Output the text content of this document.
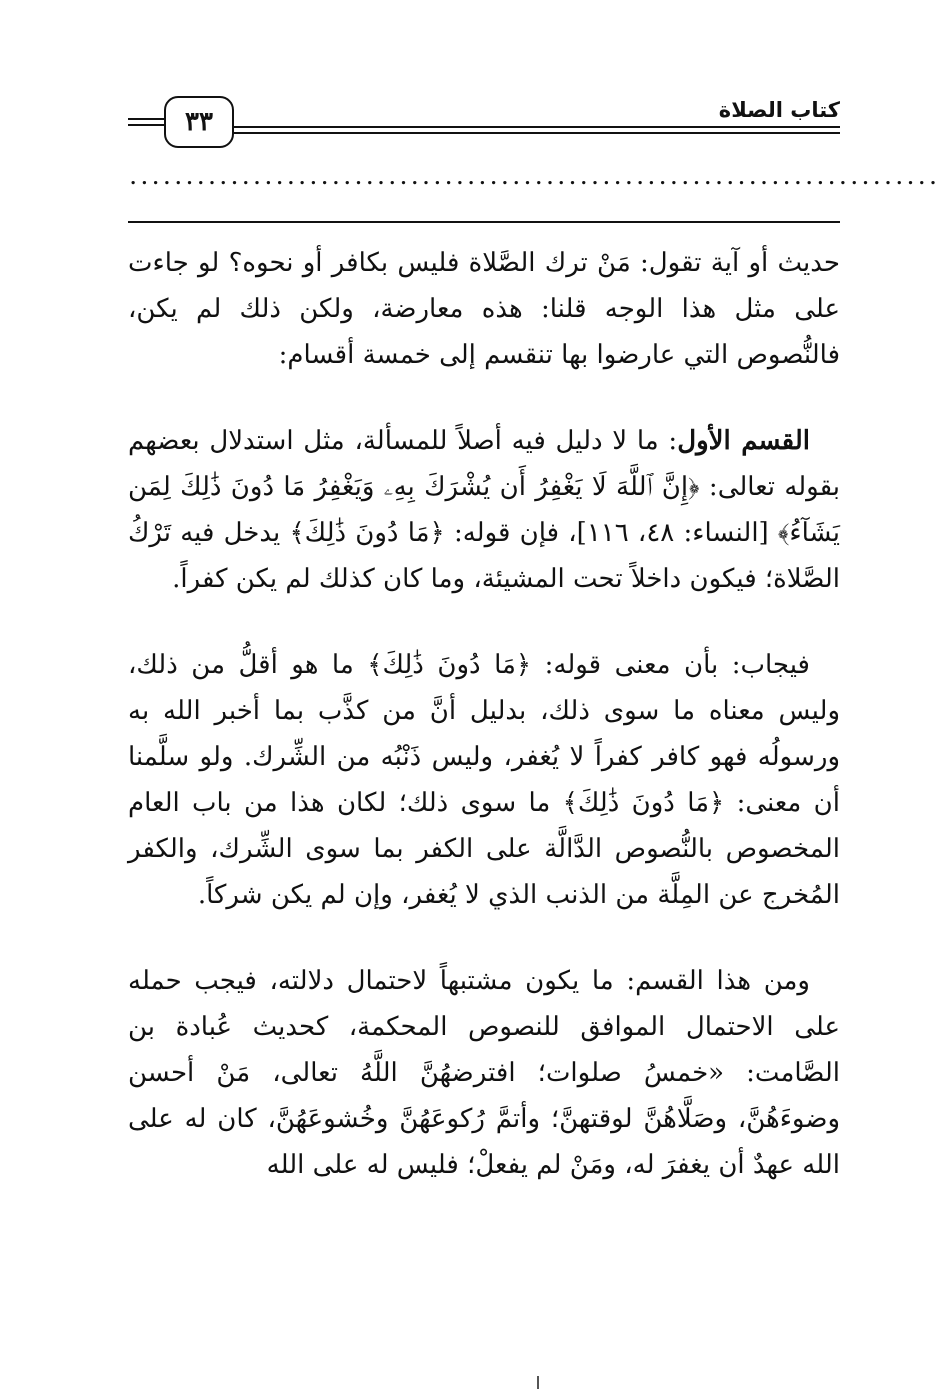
٣٣	كتاب الصلاة
........................................................................

حديث أو آية تقول: مَنْ ترك الصَّلاة فليس بكافر أو نحوه؟ لو جاءت على مثل هذا الوجه قلنا: هذه معارضة، ولكن ذلك لم يكن، فالنُّصوص التي عارضوا بها تنقسم إلى خمسة أقسام:

القسم الأول: ما لا دليل فيه أصلاً للمسألة، مثل استدلال بعضهم بقوله تعالى: ﴿إِنَّ ٱللَّهَ لَا يَغْفِرُ أَن يُشْرَكَ بِهِۦ وَيَغْفِرُ مَا دُونَ ذَٰلِكَ لِمَن يَشَآءُ﴾ [النساء: ٤٨، ١١٦]، فإن قوله: ﴿مَا دُونَ ذَٰلِكَ﴾ يدخل فيه تَرْكُ الصَّلاة؛ فيكون داخلاً تحت المشيئة، وما كان كذلك لم يكن كفراً.

فيجاب: بأن معنى قوله: ﴿مَا دُونَ ذَٰلِكَ﴾ ما هو أقلُّ من ذلك، وليس معناه ما سوى ذلك، بدليل أنَّ من كذَّب بما أخبر الله به ورسولُه فهو كافر كفراً لا يُغفر، وليس ذَنْبُه من الشِّرك. ولو سلَّمنا أن معنى: ﴿مَا دُونَ ذَٰلِكَ﴾ ما سوى ذلك؛ لكان هذا من باب العام المخصوص بالنُّصوص الدَّالَّة على الكفر بما سوى الشِّرك، والكفر المُخرج عن المِلَّة من الذنب الذي لا يُغفر، وإن لم يكن شركاً.

ومن هذا القسم: ما يكون مشتبهاً لاحتمال دلالته، فيجب حمله على الاحتمال الموافق للنصوص المحكمة، كحديث عُبادة بن الصَّامت: «خمسُ صلوات؛ افترضهُنَّ اللَّهُ تعالى، مَنْ أحسن وضوءَهُنَّ، وصَلَّاهُنَّ لوقتهنَّ؛ وأتمَّ رُكوعَهُنَّ وخُشوعَهُنَّ، كان له على الله عهدٌ أن يغفرَ له، ومَنْ لم يفعلْ؛ فليس له على الله
